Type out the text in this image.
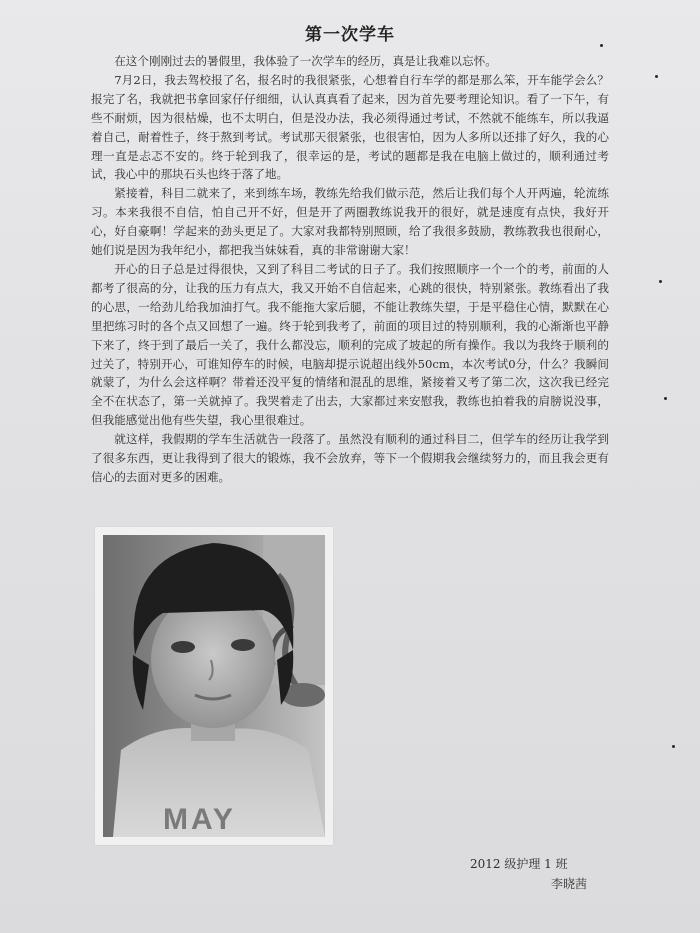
第一次学车

在这个刚刚过去的暑假里，我体验了一次学车的经历，真是让我难以忘怀。

7月2日，我去驾校报了名，报名时的我很紧张，心想着自行车学的都是那么笨，开车能学会么？报完了名，我就把书拿回家仔仔细细，认认真真看了起来，因为首先要考理论知识。看了一下午，有些不耐烦，因为很枯燥，也不太明白，但是没办法，我必须得通过考试，不然就不能练车，所以我逼着自己，耐着性子，终于熬到考试。考试那天很紧张，也很害怕，因为人多所以还排了好久，我的心理一直是忐忑不安的。终于轮到我了，很幸运的是，考试的题都是我在电脑上做过的，顺利通过考试，我心中的那块石头也终于落了地。

紧接着，科目二就来了，来到练车场，教练先给我们做示范，然后让我们每个人开两遍，轮流练习。本来我很不自信，怕自己开不好，但是开了两圈教练说我开的很好，就是速度有点快，我好开心，好自豪啊！学起来的劲头更足了。大家对我都特别照顾，给了我很多鼓励，教练教我也很耐心，她们说是因为我年纪小，都把我当妹妹看，真的非常谢谢大家！

开心的日子总是过得很快，又到了科目二考试的日子了。我们按照顺序一个一个的考，前面的人都考了很高的分，让我的压力有点大，我又开始不自信起来，心跳的很快，特别紧张。教练看出了我的心思，一给劲儿给我加油打气。我不能拖大家后腿，不能让教练失望，于是平稳住心情，默默在心里把练习时的各个点又回想了一遍。终于轮到我考了，前面的项目过的特别顺利，我的心渐渐也平静下来了，终于到了最后一关了，我什么都没忘，顺利的完成了坡起的所有操作。我以为我终于顺利的过关了，特别开心，可谁知停车的时候，电脑却提示说超出线外50cm，本次考试0分，什么？我瞬间就蒙了，为什么会这样啊？带着还没平复的情绪和混乱的思维，紧接着又考了第二次，这次我已经完全不在状态了，第一关就掉了。我哭着走了出去，大家都过来安慰我，教练也拍着我的肩膀说没事，但我能感觉出他有些失望，我心里很难过。

就这样，我假期的学车生活就告一段落了。虽然没有顺利的通过科目二，但学车的经历让我学到了很多东西，更让我得到了很大的锻炼，我不会放弃，等下一个假期我会继续努力的，而且我会更有信心的去面对更多的困难。

MAY
2012 级护理 1 班
李晓茜
